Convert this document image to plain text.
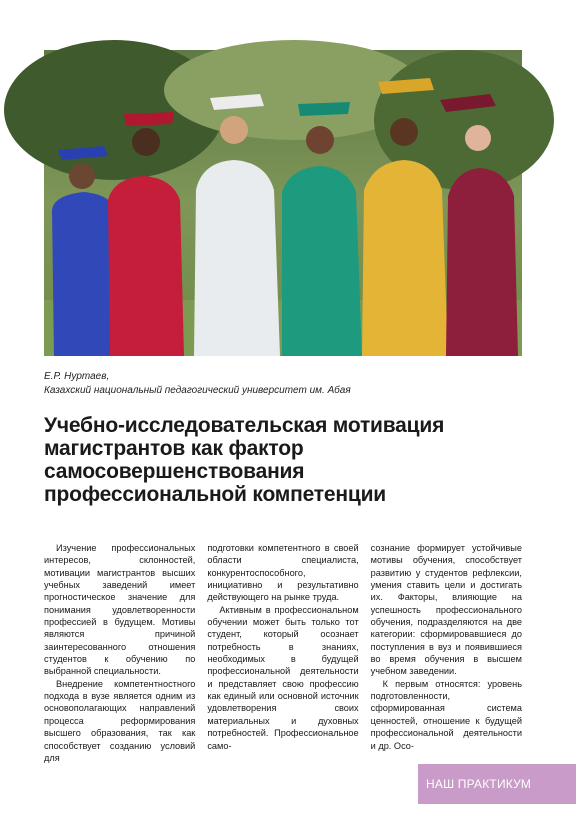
Е.Р. Нуртаев,
Казахский национальный педагогический университет им. Абая
Учебно-исследовательская мотивация
магистрантов как фактор
самосовершенствования
профессиональной компетенции

Изучение профессиональных интересов, склонностей, мотивации магистрантов высших учебных заведений имеет прогностическое значение для понимания удовлетворенности профессией в будущем. Мотивы являются причиной заинтересованного отношения студентов к обучению по выбранной специальности.

Внедрение компетентностного подхода в вузе является одним из основополагающих направлений процесса реформирования высшего образования, так как способствует созданию условий для

подготовки компетентного в своей области специалиста, конкурентоспособного, инициативно и результативно действующего на рынке труда.

Активным в профессиональном обучении может быть только тот студент, который осознает потребность в знаниях, необходимых в будущей профессиональной деятельности и представляет свою профессию как единый или основной источник удовлетворения своих материальных и духовных потребностей. Профессиональное само-

сознание формирует устойчивые мотивы обучения, способствует развитию у студентов рефлексии, умения ставить цели и достигать их. Факторы, влияющие на успешность профессионального обучения, подразделяются на две категории: сформировавшиеся до поступления в вуз и появившиеся во время обучения в высшем учебном заведении.

К первым относятся: уровень подготовленности, сформированная система ценностей, отношение к будущей профессиональной деятельности и др. Осо-

НАШ ПРАКТИКУМ
